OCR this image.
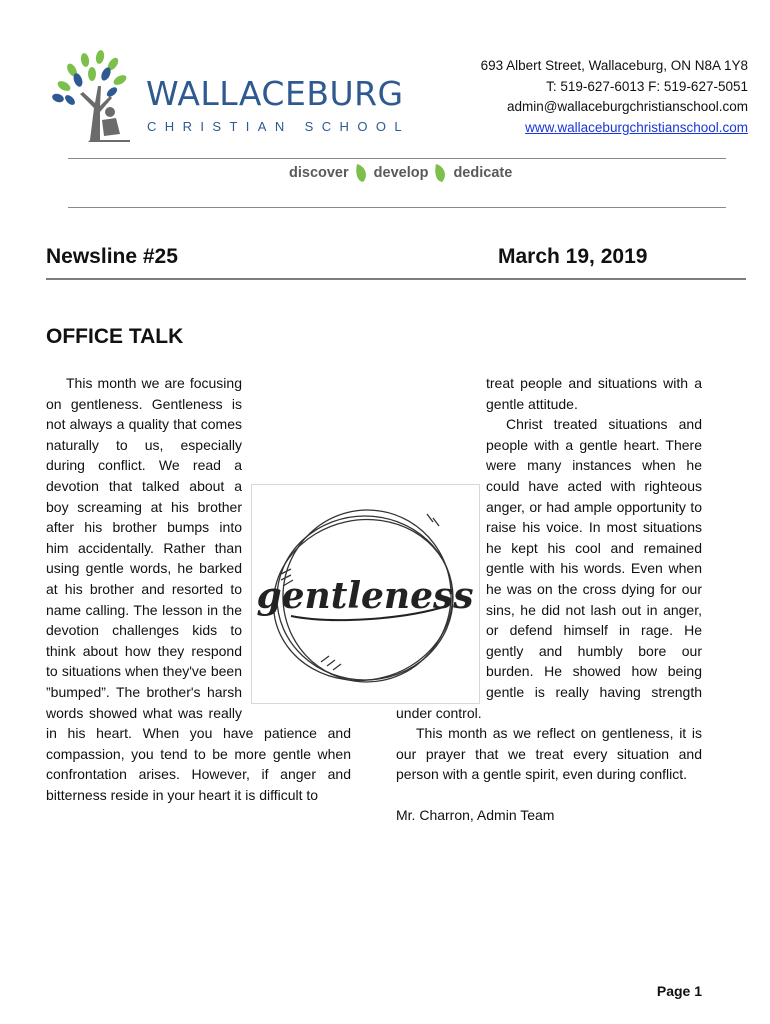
WALLACEBURG
CHRISTIAN SCHOOL
693 Albert Street, Wallaceburg, ON N8A 1Y8
T: 519-627-6013 F: 519-627-5051
admin@wallaceburgchristianschool.com
www.wallaceburgchristianschool.com
discover develop dedicate
Newsline #25	March 19, 2019
OFFICE TALK

This month we are focusing on gentleness. Gentleness is not always a quality that comes naturally to us, especially during conflict. We read a devotion that talked about a boy screaming at his brother after his brother bumps into him accidentally. Rather than using gentle words, he barked at his brother and resorted to name calling. The lesson in the devotion challenges kids to think about how they respond to situations when they've been ”bumped”. The brother's harsh words showed what was really in his heart. When you have patience and compassion, you tend to be more gentle when confrontation arises. However, if anger and bitterness reside in your heart it is difficult to

treat people and situations with a gentle attitude.

Christ treated situations and people with a gentle heart. There were many instances when he could have acted with righteous anger, or had ample opportunity to raise his voice. In most situations he kept his cool and remained gentle with his words. Even when he was on the cross dying for our sins, he did not lash out in anger, or defend himself in rage. He gently and humbly bore our burden. He showed how being gentle is really having strength under control.

This month as we reflect on gentleness, it is our prayer that we treat every situation and person with a gentle spirit, even during conflict.

Mr. Charron, Admin Team

gentleness
Page 1
